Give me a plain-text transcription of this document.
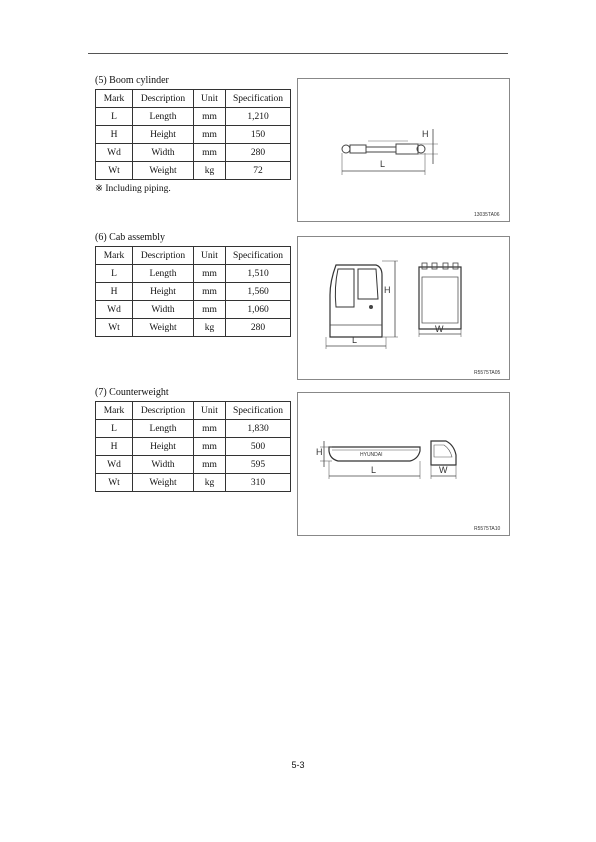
(5) Boom cylinder
Mark	Description	Unit	Specification
L	Length	mm	1,210
H	Height	mm	150
Wd	Width	mm	280
Wt	Weight	kg	72
※ Including piping.
L
H
13035TA06
(6) Cab assembly
Mark	Description	Unit	Specification
L	Length	mm	1,510
H	Height	mm	1,560
Wd	Width	mm	1,060
Wt	Weight	kg	280
L
H
W
R5575TA05
(7) Counterweight
Mark	Description	Unit	Specification
L	Length	mm	1,830
H	Height	mm	500
Wd	Width	mm	595
Wt	Weight	kg	310
HYUNDAI
H
L	W
R5575TA10
5-3
